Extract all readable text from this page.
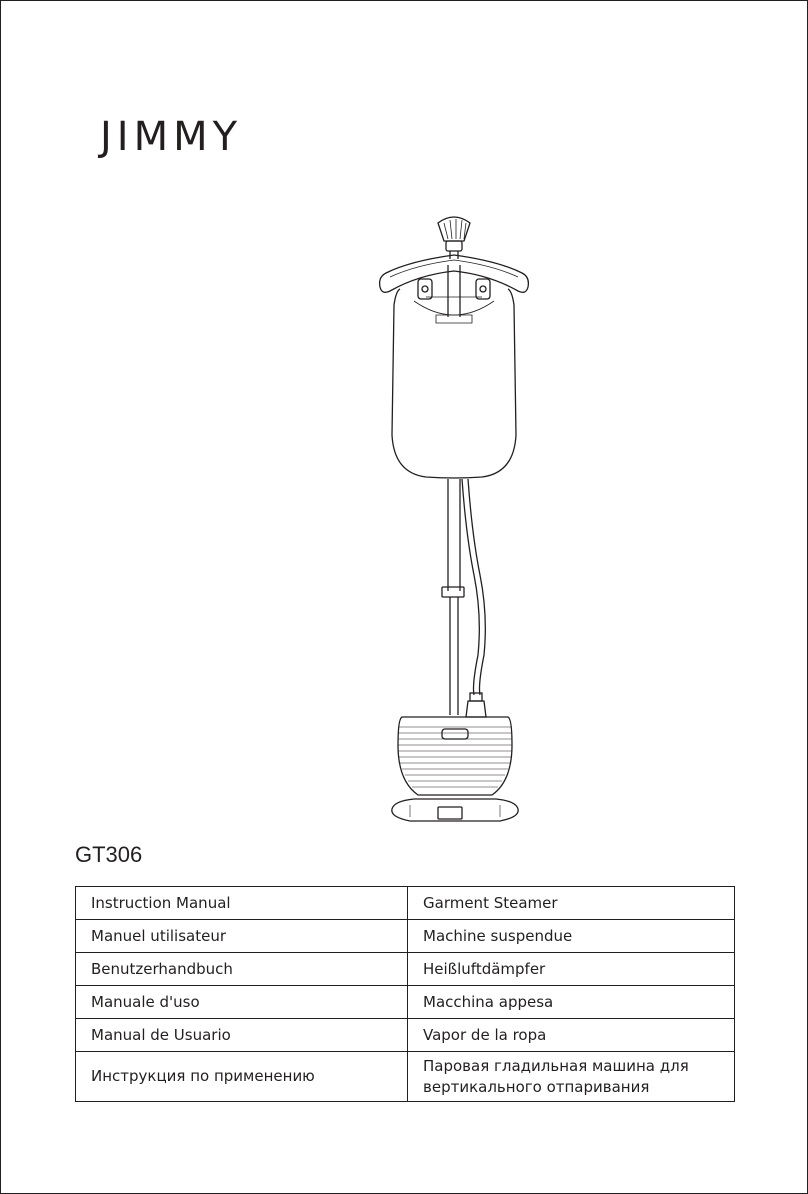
JIMMY
GT306
Instruction Manual	Garment Steamer
Manuel utilisateur	Machine suspendue
Benutzerhandbuch	Heißluftdämpfer
Manuale d'uso	Macchina appesa
Manual de Usuario	Vapor de la ropa
Инструкция по применению	Паровая гладильная машина для вертикального отпаривания
